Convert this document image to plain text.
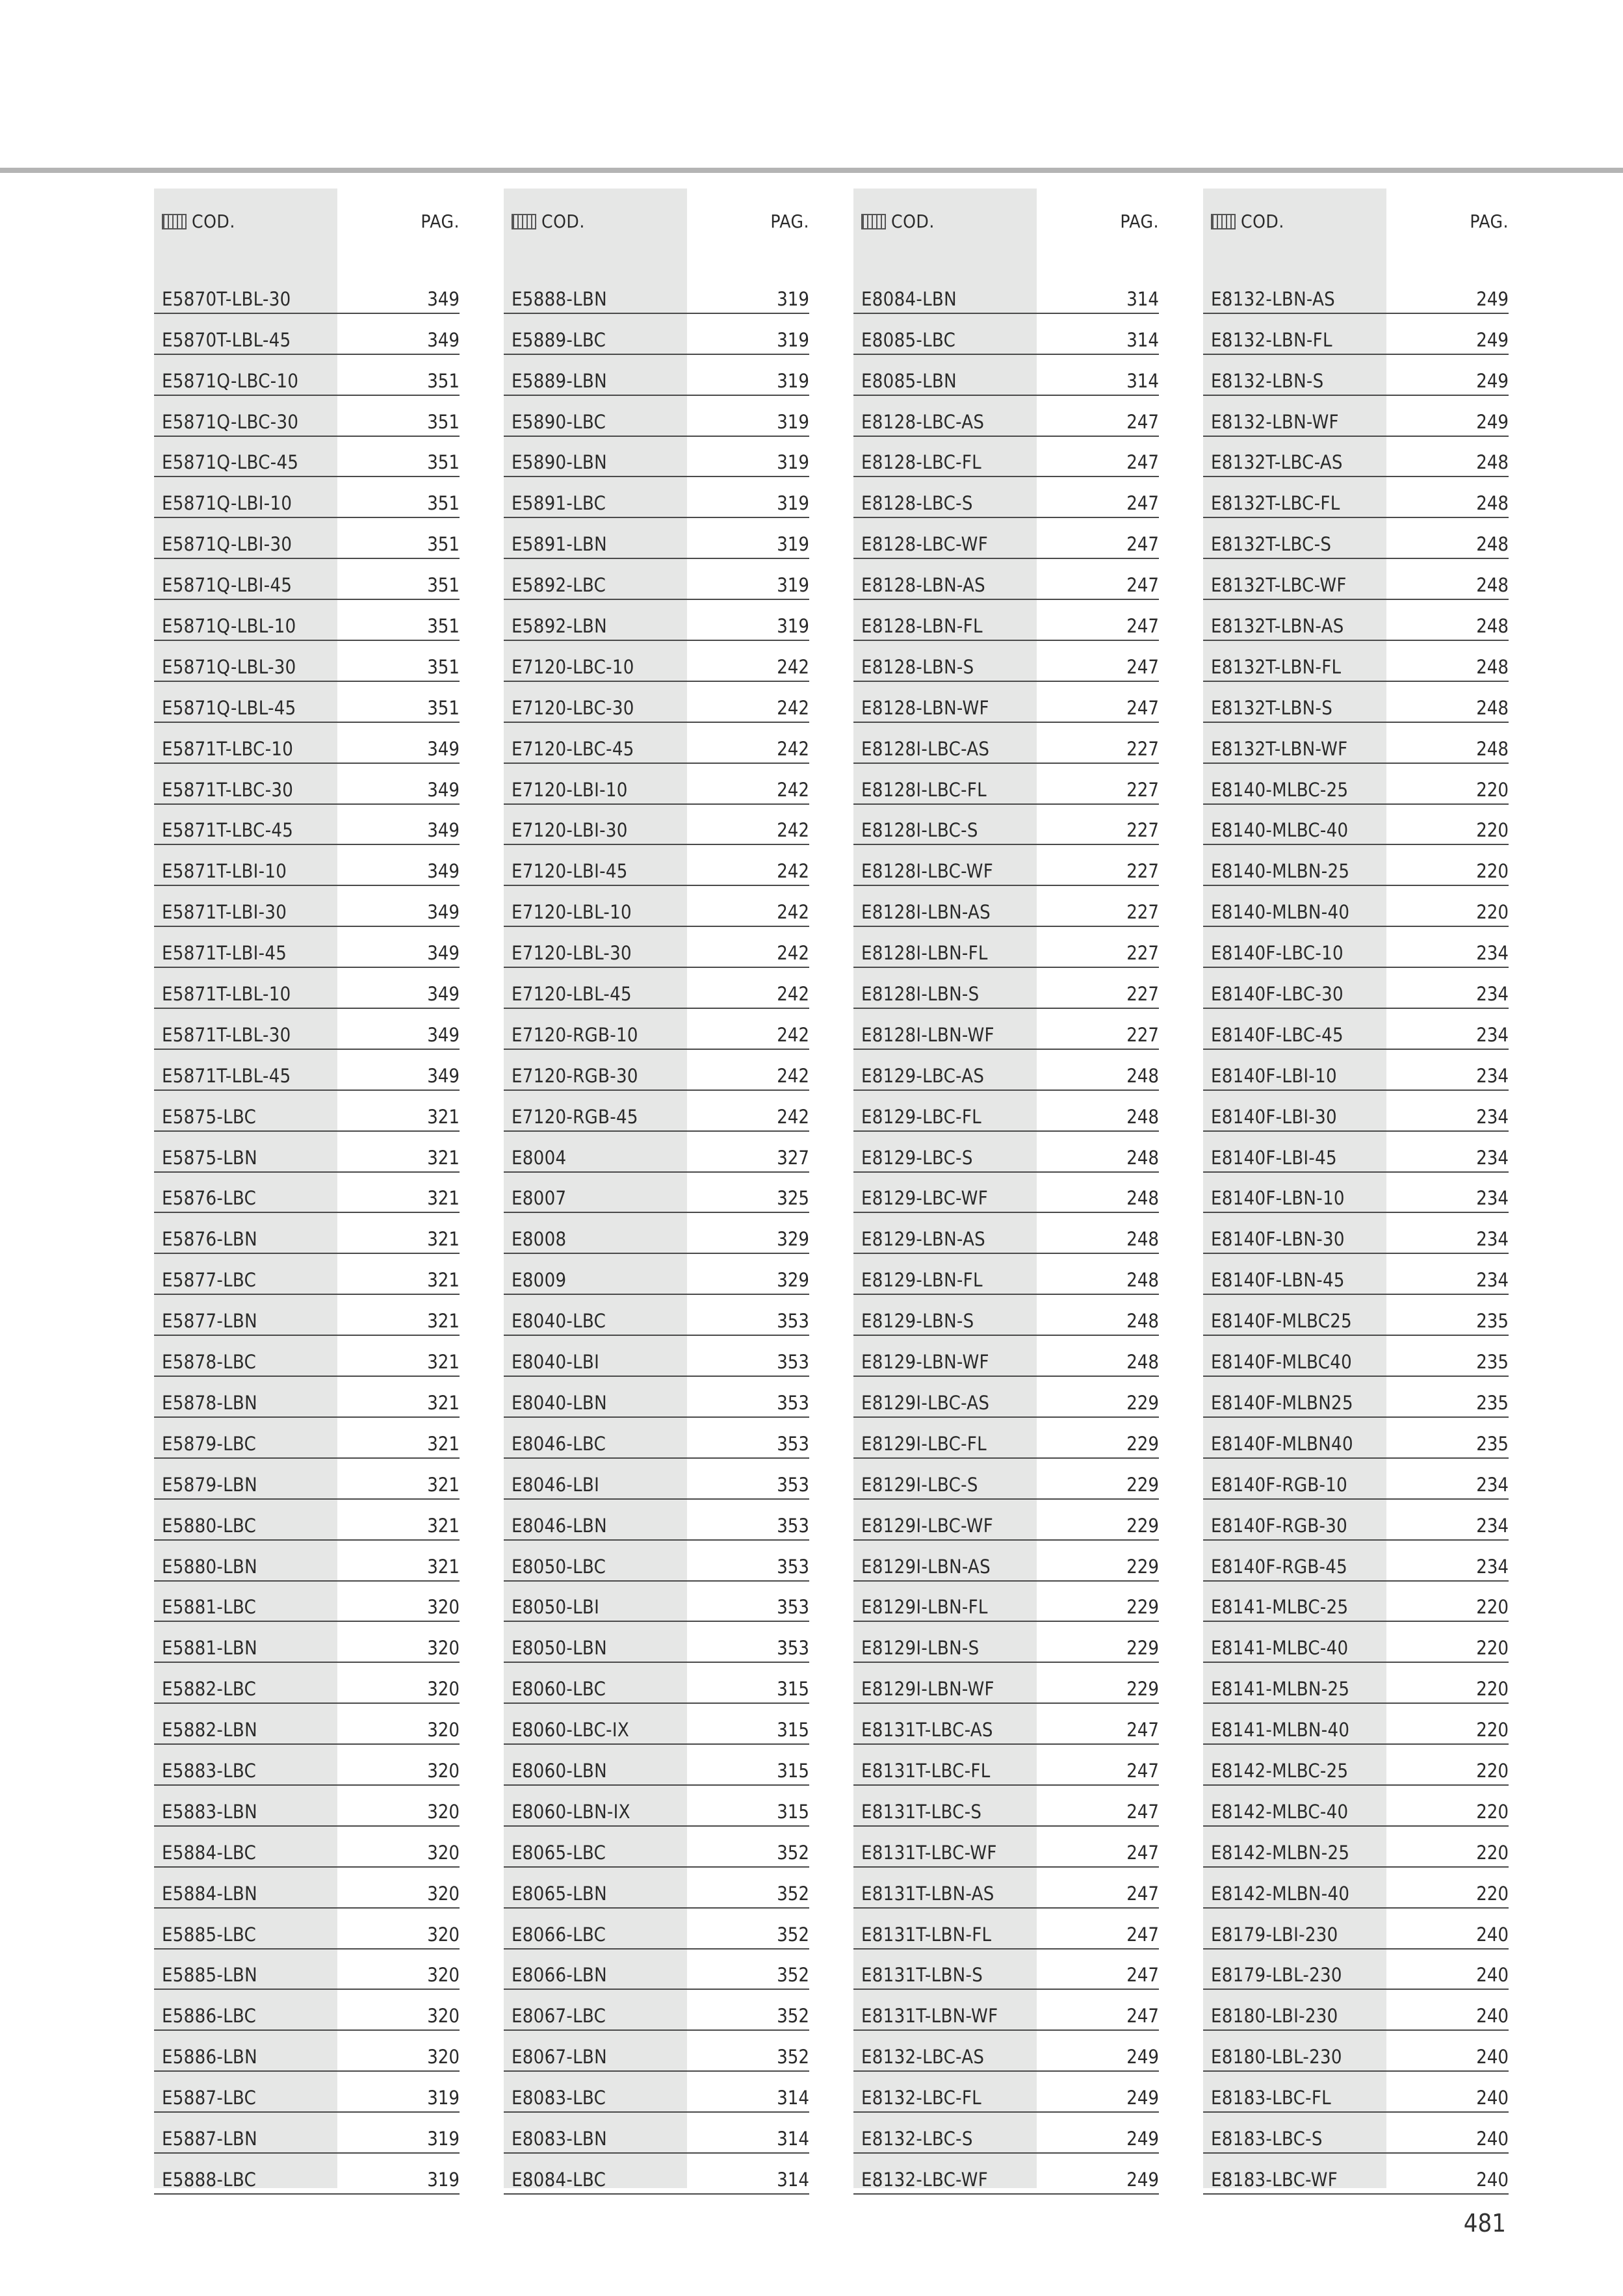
COD.	PAG.
E5870T-LBL-30	349
E5870T-LBL-45	349
E5871Q-LBC-10	351
E5871Q-LBC-30	351
E5871Q-LBC-45	351
E5871Q-LBI-10	351
E5871Q-LBI-30	351
E5871Q-LBI-45	351
E5871Q-LBL-10	351
E5871Q-LBL-30	351
E5871Q-LBL-45	351
E5871T-LBC-10	349
E5871T-LBC-30	349
E5871T-LBC-45	349
E5871T-LBI-10	349
E5871T-LBI-30	349
E5871T-LBI-45	349
E5871T-LBL-10	349
E5871T-LBL-30	349
E5871T-LBL-45	349
E5875-LBC	321
E5875-LBN	321
E5876-LBC	321
E5876-LBN	321
E5877-LBC	321
E5877-LBN	321
E5878-LBC	321
E5878-LBN	321
E5879-LBC	321
E5879-LBN	321
E5880-LBC	321
E5880-LBN	321
E5881-LBC	320
E5881-LBN	320
E5882-LBC	320
E5882-LBN	320
E5883-LBC	320
E5883-LBN	320
E5884-LBC	320
E5884-LBN	320
E5885-LBC	320
E5885-LBN	320
E5886-LBC	320
E5886-LBN	320
E5887-LBC	319
E5887-LBN	319
E5888-LBC	319
COD.	PAG.
E5888-LBN	319
E5889-LBC	319
E5889-LBN	319
E5890-LBC	319
E5890-LBN	319
E5891-LBC	319
E5891-LBN	319
E5892-LBC	319
E5892-LBN	319
E7120-LBC-10	242
E7120-LBC-30	242
E7120-LBC-45	242
E7120-LBI-10	242
E7120-LBI-30	242
E7120-LBI-45	242
E7120-LBL-10	242
E7120-LBL-30	242
E7120-LBL-45	242
E7120-RGB-10	242
E7120-RGB-30	242
E7120-RGB-45	242
E8004	327
E8007	325
E8008	329
E8009	329
E8040-LBC	353
E8040-LBI	353
E8040-LBN	353
E8046-LBC	353
E8046-LBI	353
E8046-LBN	353
E8050-LBC	353
E8050-LBI	353
E8050-LBN	353
E8060-LBC	315
E8060-LBC-IX	315
E8060-LBN	315
E8060-LBN-IX	315
E8065-LBC	352
E8065-LBN	352
E8066-LBC	352
E8066-LBN	352
E8067-LBC	352
E8067-LBN	352
E8083-LBC	314
E8083-LBN	314
E8084-LBC	314
COD.	PAG.
E8084-LBN	314
E8085-LBC	314
E8085-LBN	314
E8128-LBC-AS	247
E8128-LBC-FL	247
E8128-LBC-S	247
E8128-LBC-WF	247
E8128-LBN-AS	247
E8128-LBN-FL	247
E8128-LBN-S	247
E8128-LBN-WF	247
E8128I-LBC-AS	227
E8128I-LBC-FL	227
E8128I-LBC-S	227
E8128I-LBC-WF	227
E8128I-LBN-AS	227
E8128I-LBN-FL	227
E8128I-LBN-S	227
E8128I-LBN-WF	227
E8129-LBC-AS	248
E8129-LBC-FL	248
E8129-LBC-S	248
E8129-LBC-WF	248
E8129-LBN-AS	248
E8129-LBN-FL	248
E8129-LBN-S	248
E8129-LBN-WF	248
E8129I-LBC-AS	229
E8129I-LBC-FL	229
E8129I-LBC-S	229
E8129I-LBC-WF	229
E8129I-LBN-AS	229
E8129I-LBN-FL	229
E8129I-LBN-S	229
E8129I-LBN-WF	229
E8131T-LBC-AS	247
E8131T-LBC-FL	247
E8131T-LBC-S	247
E8131T-LBC-WF	247
E8131T-LBN-AS	247
E8131T-LBN-FL	247
E8131T-LBN-S	247
E8131T-LBN-WF	247
E8132-LBC-AS	249
E8132-LBC-FL	249
E8132-LBC-S	249
E8132-LBC-WF	249
COD.	PAG.
E8132-LBN-AS	249
E8132-LBN-FL	249
E8132-LBN-S	249
E8132-LBN-WF	249
E8132T-LBC-AS	248
E8132T-LBC-FL	248
E8132T-LBC-S	248
E8132T-LBC-WF	248
E8132T-LBN-AS	248
E8132T-LBN-FL	248
E8132T-LBN-S	248
E8132T-LBN-WF	248
E8140-MLBC-25	220
E8140-MLBC-40	220
E8140-MLBN-25	220
E8140-MLBN-40	220
E8140F-LBC-10	234
E8140F-LBC-30	234
E8140F-LBC-45	234
E8140F-LBI-10	234
E8140F-LBI-30	234
E8140F-LBI-45	234
E8140F-LBN-10	234
E8140F-LBN-30	234
E8140F-LBN-45	234
E8140F-MLBC25	235
E8140F-MLBC40	235
E8140F-MLBN25	235
E8140F-MLBN40	235
E8140F-RGB-10	234
E8140F-RGB-30	234
E8140F-RGB-45	234
E8141-MLBC-25	220
E8141-MLBC-40	220
E8141-MLBN-25	220
E8141-MLBN-40	220
E8142-MLBC-25	220
E8142-MLBC-40	220
E8142-MLBN-25	220
E8142-MLBN-40	220
E8179-LBI-230	240
E8179-LBL-230	240
E8180-LBI-230	240
E8180-LBL-230	240
E8183-LBC-FL	240
E8183-LBC-S	240
E8183-LBC-WF	240
481
